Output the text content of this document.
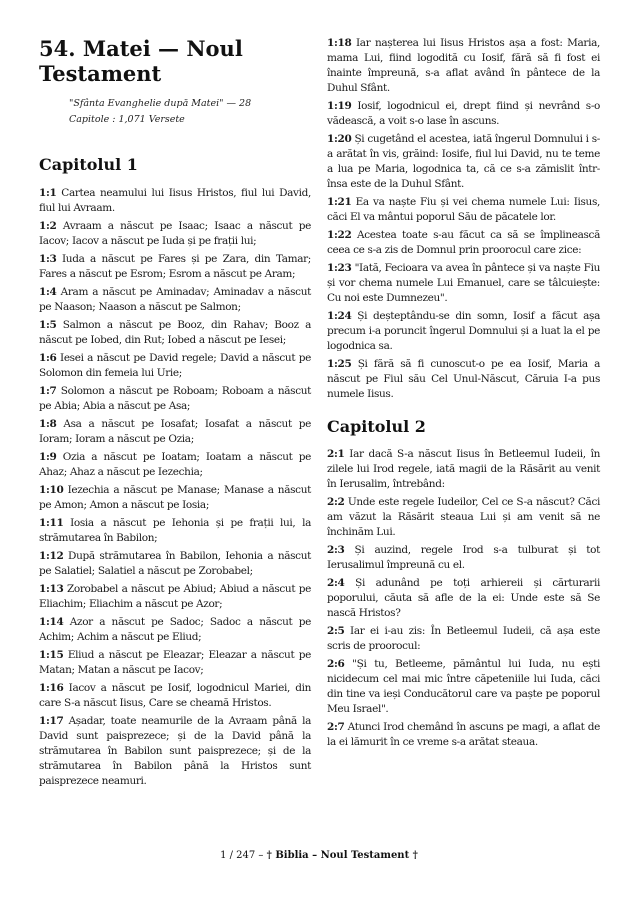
54. Matei — Noul Testament
"Sfânta Evanghelie după Matei" — 28
Capitole : 1,071 Versete
Capitolul 1

1:1 Cartea neamului lui Iisus Hristos, fiul lui David, fiul lui Avraam.

1:2 Avraam a născut pe Isaac; Isaac a născut pe Iacov; Iacov a născut pe Iuda și pe frații lui;

1:3 Iuda a născut pe Fares și pe Zara, din Tamar; Fares a născut pe Esrom; Esrom a născut pe Aram;

1:4 Aram a născut pe Aminadav; Aminadav a născut pe Naason; Naason a născut pe Salmon;

1:5 Salmon a născut pe Booz, din Rahav; Booz a născut pe Iobed, din Rut; Iobed a născut pe Iesei;

1:6 Iesei a născut pe David regele; David a născut pe Solomon din femeia lui Urie;

1:7 Solomon a născut pe Roboam; Roboam a născut pe Abia; Abia a născut pe Asa;

1:8 Asa a născut pe Iosafat; Iosafat a născut pe Ioram; Ioram a născut pe Ozia;

1:9 Ozia a născut pe Ioatam; Ioatam a născut pe Ahaz; Ahaz a născut pe Iezechia;

1:10 Iezechia a născut pe Manase; Manase a născut pe Amon; Amon a născut pe Iosia;

1:11 Iosia a născut pe Iehonia și pe frații lui, la strămutarea în Babilon;

1:12 După strămutarea în Babilon, Iehonia a născut pe Salatiel; Salatiel a născut pe Zorobabel;

1:13 Zorobabel a născut pe Abiud; Abiud a născut pe Eliachim; Eliachim a născut pe Azor;

1:14 Azor a născut pe Sadoc; Sadoc a născut pe Achim; Achim a născut pe Eliud;

1:15 Eliud a născut pe Eleazar; Eleazar a născut pe Matan; Matan a născut pe Iacov;

1:16 Iacov a născut pe Iosif, logodnicul Mariei, din care S-a născut Iisus, Care se cheamă Hristos.

1:17 Așadar, toate neamurile de la Avraam până la David sunt paisprezece; și de la David până la strămutarea în Babilon sunt paisprezece; și de la strămutarea în Babilon până la Hristos sunt paisprezece neamuri.

1:18 Iar nașterea lui Iisus Hristos așa a fost: Maria, mama Lui, fiind logodită cu Iosif, fără să fi fost ei înainte împreună, s-a aflat având în pântece de la Duhul Sfânt.

1:19 Iosif, logodnicul ei, drept fiind și nevrând s-o vădească, a voit s-o lase în ascuns.

1:20 Și cugetând el acestea, iată îngerul Domnului i s-a arătat în vis, grăind: Iosife, fiul lui David, nu te teme a lua pe Maria, logodnica ta, că ce s-a zămislit într-însa este de la Duhul Sfânt.

1:21 Ea va naște Fiu și vei chema numele Lui: Iisus, căci El va mântui poporul Său de păcatele lor.

1:22 Acestea toate s-au făcut ca să se împlinească ceea ce s-a zis de Domnul prin proorocul care zice:

1:23 "Iată, Fecioara va avea în pântece și va naște Fiu și vor chema numele Lui Emanuel, care se tâlcuiește: Cu noi este Dumnezeu".

1:24 Și deșteptându-se din somn, Iosif a făcut așa precum i-a poruncit îngerul Domnului și a luat la el pe logodnica sa.

1:25 Și fără să fi cunoscut-o pe ea Iosif, Maria a născut pe Fiul său Cel Unul-Născut, Căruia I-a pus numele Iisus.

Capitolul 2

2:1 Iar dacă S-a născut Iisus în Betleemul Iudeii, în zilele lui Irod regele, iată magii de la Răsărit au venit în Ierusalim, întrebând:

2:2 Unde este regele Iudeilor, Cel ce S-a născut? Căci am văzut la Răsărit steaua Lui și am venit să ne închinăm Lui.

2:3 Și auzind, regele Irod s-a tulburat și tot Ierusalimul împreună cu el.

2:4 Și adunând pe toți arhiereii și cărturarii poporului, căuta să afle de la ei: Unde este să Se nască Hristos?

2:5 Iar ei i-au zis: În Betleemul Iudeii, că așa este scris de proorocul:

2:6 "Și tu, Betleeme, pământul lui Iuda, nu ești nicidecum cel mai mic între căpeteniile lui Iuda, căci din tine va ieși Conducătorul care va paște pe poporul Meu Israel".

2:7 Atunci Irod chemând în ascuns pe magi, a aflat de la ei lămurit în ce vreme s-a arătat steaua.

1 / 247 – † Biblia – Noul Testament †
